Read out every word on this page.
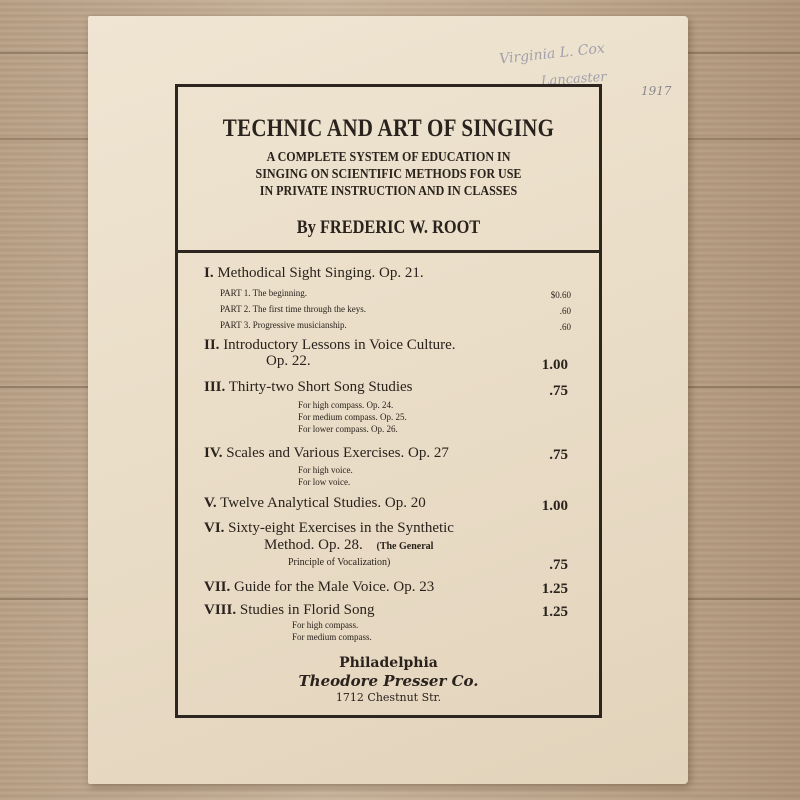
Virginia L. Cox
Lancaster
1917
TECHNIC AND ART OF SINGING
A COMPLETE SYSTEM OF EDUCATION IN
SINGING ON SCIENTIFIC METHODS FOR USE
IN PRIVATE INSTRUCTION AND IN CLASSES
By FREDERIC W. ROOT
I. Methodical Sight Singing. Op. 21.
PART 1. The beginning.	$0.60
PART 2. The first time through the keys.	.60
PART 3. Progressive musicianship.	.60
II. Introductory Lessons in Voice Culture.
Op. 22.	1.00
III. Thirty-two Short Song Studies	.75
For high compass. Op. 24.
For medium compass. Op. 25.
For lower compass. Op. 26.
IV. Scales and Various Exercises. Op. 27	.75
For high voice.
For low voice.
V. Twelve Analytical Studies. Op. 20	1.00
VI. Sixty-eight Exercises in the Synthetic
Method. Op. 28. (The General
Principle of Vocalization)	.75
VII. Guide for the Male Voice. Op. 23	1.25
VIII. Studies in Florid Song	1.25
For high compass.
For medium compass.
Philadelphia
Theodore Presser Co.
1712 Chestnut Str.
